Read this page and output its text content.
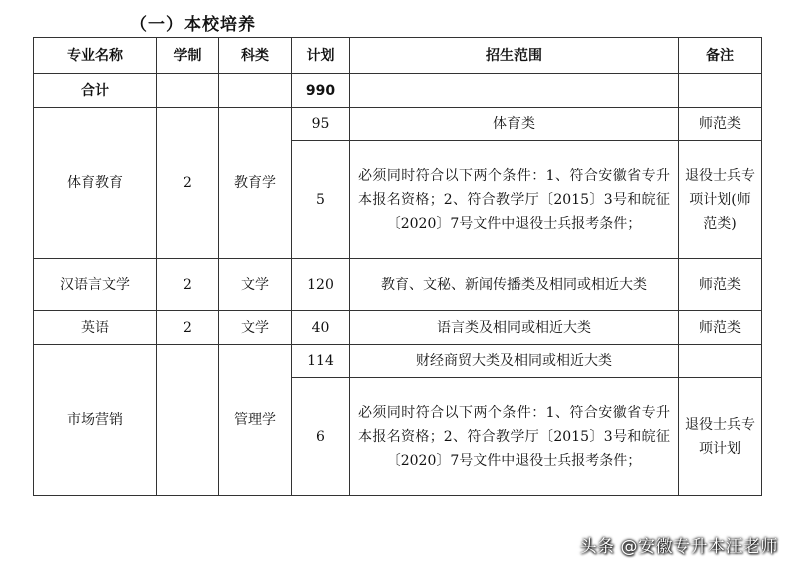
（一）本校培养
专业名称	学制	科类	计划	招生范围	备注
合计			990		
体育教育	2	教育学	95	体育类	师范类
			5	必须同时符合以下两个条件：1、符合安徽省专升本报名资格；2、符合教学厅〔2015〕3号和皖征〔2020〕7号文件中退役士兵报考条件；	退役士兵专项计划(师范类)
汉语言文学	2	文学	120	教育、文秘、新闻传播类及相同或相近大类	师范类
英语	2	文学	40	语言类及相同或相近大类	师范类
市场营销		管理学	114	财经商贸大类及相同或相近大类	
			6	必须同时符合以下两个条件：1、符合安徽省专升本报名资格；2、符合教学厅〔2015〕3号和皖征〔2020〕7号文件中退役士兵报考条件；	退役士兵专项计划
头条 @安徽专升本汪老师
